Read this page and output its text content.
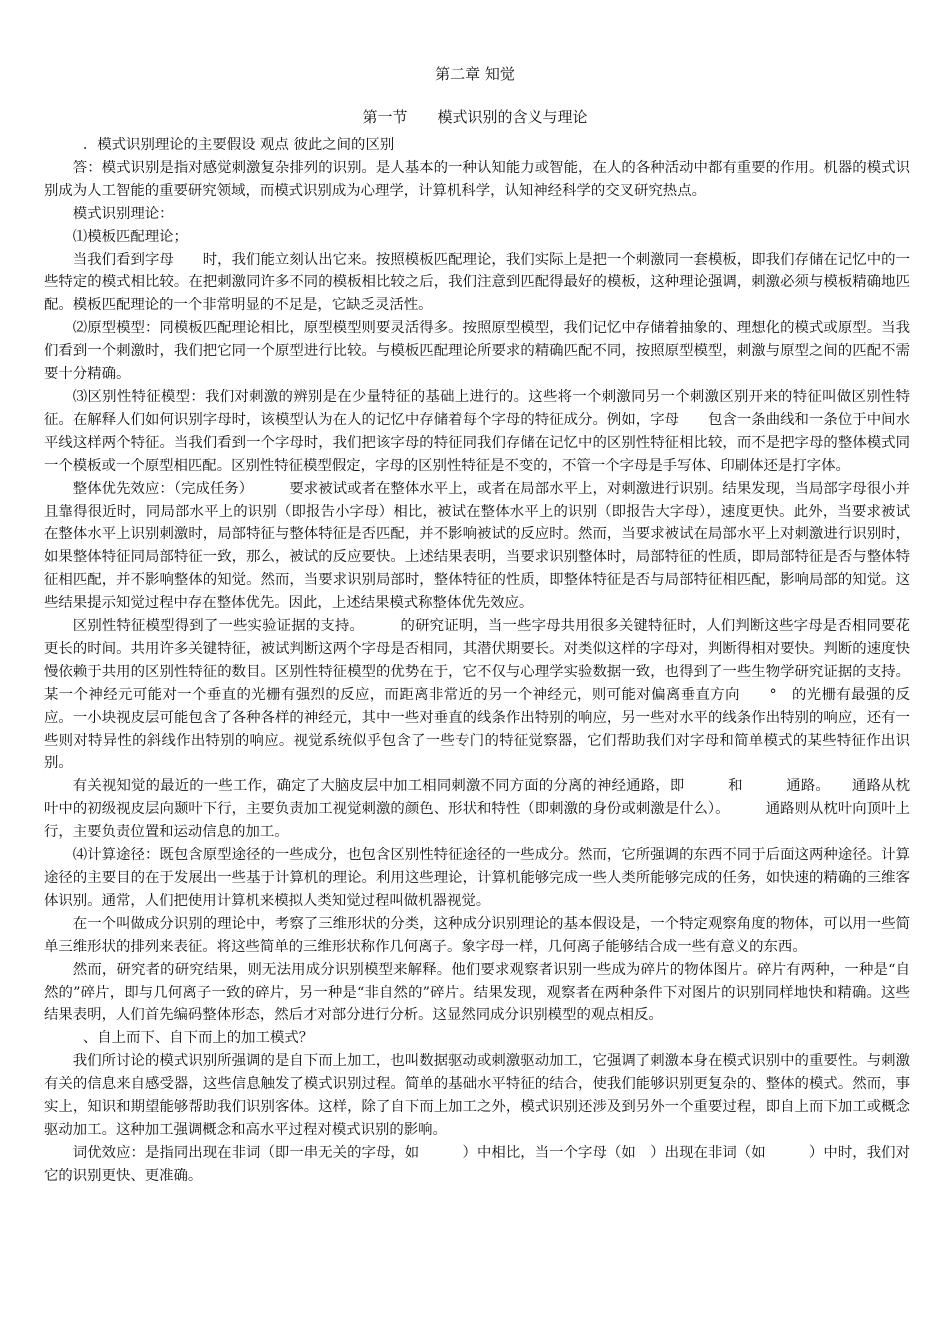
第二章 知觉
第一节　　模式识别的含义与理论

．模式识别理论的主要假设 观点 彼此之间的区别

答：模式识别是指对感觉刺激复杂排列的识别。是人基本的一种认知能力或智能，在人的各种活动中都有重要的作用。机器的模式识别成为人工智能的重要研究领域，而模式识别成为心理学，计算机科学，认知神经科学的交叉研究热点。

模式识别理论：

⑴模板匹配理论；

当我们看到字母　　时，我们能立刻认出它来。按照模板匹配理论，我们实际上是把一个刺激同一套模板，即我们存储在记忆中的一些特定的模式相比较。在把刺激同许多不同的模板相比较之后，我们注意到匹配得最好的模板，这种理论强调，刺激必须与模板精确地匹配。模板匹配理论的一个非常明显的不足是，它缺乏灵活性。

⑵原型模型：同模板匹配理论相比，原型模型则要灵活得多。按照原型模型，我们记忆中存储着抽象的、理想化的模式或原型。当我们看到一个刺激时，我们把它同一个原型进行比较。与模板匹配理论所要求的精确匹配不同，按照原型模型，刺激与原型之间的匹配不需要十分精确。

⑶区别性特征模型：我们对刺激的辨别是在少量特征的基础上进行的。这些将一个刺激同另一个刺激区别开来的特征叫做区别性特征。在解释人们如何识别字母时，该模型认为在人的记忆中存储着每个字母的特征成分。例如，字母　　包含一条曲线和一条位于中间水平线这样两个特征。当我们看到一个字母时，我们把该字母的特征同我们存储在记忆中的区别性特征相比较，而不是把字母的整体模式同一个模板或一个原型相匹配。区别性特征模型假定，字母的区别性特征是不变的，不管一个字母是手写体、印刷体还是打字体。

整体优先效应：（完成任务）　　　要求被试或者在整体水平上，或者在局部水平上，对刺激进行识别。结果发现，当局部字母很小并且靠得很近时，同局部水平上的识别（即报告小字母）相比，被试在整体水平上的识别（即报告大字母），速度更快。此外，当要求被试在整体水平上识别刺激时，局部特征与整体特征是否匹配，并不影响被试的反应时。然而，当要求被试在局部水平上对刺激进行识别时，如果整体特征同局部特征一致，那么，被试的反应要快。上述结果表明，当要求识别整体时，局部特征的性质，即局部特征是否与整体特征相匹配，并不影响整体的知觉。然而，当要求识别局部时，整体特征的性质，即整体特征是否与局部特征相匹配，影响局部的知觉。这些结果提示知觉过程中存在整体优先。因此，上述结果模式称整体优先效应。

区别性特征模型得到了一些实验证据的支持。　　　的研究证明，当一些字母共用很多关键特征时，人们判断这些字母是否相同要花更长的时间。共用许多关键特征，被试判断这两个字母是否相同，其潜伏期要长。对类似这样的字母对，判断得相对要快。判断的速度快慢依赖于共用的区别性特征的数目。区别性特征模型的优势在于，它不仅与心理学实验数据一致，也得到了一些生物学研究证据的支持。某一个神经元可能对一个垂直的光栅有强烈的反应，而距离非常近的另一个神经元，则可能对偏离垂直方向　　°　的光栅有最强的反应。一小块视皮层可能包含了各种各样的神经元，其中一些对垂直的线条作出特别的响应，另一些对水平的线条作出特别的响应，还有一些则对特异性的斜线作出特别的响应。视觉系统似乎包含了一些专门的特征觉察器，它们帮助我们对字母和简单模式的某些特征作出识别。

有关视知觉的最近的一些工作，确定了大脑皮层中加工相同刺激不同方面的分离的神经通路，即　　　和　　　通路。　　通路从枕叶中的初级视皮层向颞叶下行，主要负责加工视觉刺激的颜色、形状和特性（即刺激的身份或刺激是什么）。　　　通路则从枕叶向顶叶上行，主要负责位置和运动信息的加工。

⑷计算途径：既包含原型途径的一些成分，也包含区别性特征途径的一些成分。然而，它所强调的东西不同于后面这两种途径。计算途径的主要目的在于发展出一些基于计算机的理论。利用这些理论，计算机能够完成一些人类所能够完成的任务，如快速的精确的三维客体识别。通常，人们把使用计算机来模拟人类知觉过程叫做机器视觉。

在一个叫做成分识别的理论中，考察了三维形状的分类，这种成分识别理论的基本假设是，一个特定观察角度的物体，可以用一些简单三维形状的排列来表征。将这些简单的三维形状称作几何离子。象字母一样，几何离子能够结合成一些有意义的东西。

然而，研究者的研究结果，则无法用成分识别模型来解释。他们要求观察者识别一些成为碎片的物体图片。碎片有两种，一种是“自然的”碎片，即与几何离子一致的碎片，另一种是“非自然的”碎片。结果发现，观察者在两种条件下对图片的识别同样地快和精确。这些结果表明，人们首先编码整体形态，然后才对部分进行分析。这显然同成分识别模型的观点相反。

、自上而下、自下而上的加工模式？

我们所讨论的模式识别所强调的是自下而上加工，也叫数据驱动或刺激驱动加工，它强调了刺激本身在模式识别中的重要性。与刺激有关的信息来自感受器，这些信息触发了模式识别过程。简单的基础水平特征的结合，使我们能够识别更复杂的、整体的模式。然而，事实上，知识和期望能够帮助我们识别客体。这样，除了自下而上加工之外，模式识别还涉及到另外一个重要过程，即自上而下加工或概念驱动加工。这种加工强调概念和高水平过程对模式识别的影响。

词优效应：是指同出现在非词（即一串无关的字母，如　　　）中相比，当一个字母（如　）出现在非词（如　　　）中时，我们对它的识别更快、更准确。
